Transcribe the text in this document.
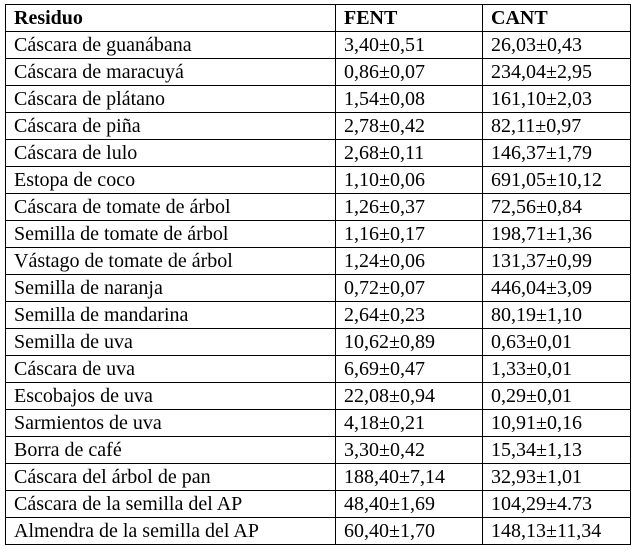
Residuo	FENT	CANT
Cáscara de guanábana	3,40±0,51	26,03±0,43
Cáscara de maracuyá	0,86±0,07	234,04±2,95
Cáscara de plátano	1,54±0,08	161,10±2,03
Cáscara de piña	2,78±0,42	82,11±0,97
Cáscara de lulo	2,68±0,11	146,37±1,79
Estopa de coco	1,10±0,06	691,05±10,12
Cáscara de tomate de árbol	1,26±0,37	72,56±0,84
Semilla de tomate de árbol	1,16±0,17	198,71±1,36
Vástago de tomate de árbol	1,24±0,06	131,37±0,99
Semilla de naranja	0,72±0,07	446,04±3,09
Semilla de mandarina	2,64±0,23	80,19±1,10
Semilla de uva	10,62±0,89	0,63±0,01
Cáscara de uva	6,69±0,47	1,33±0,01
Escobajos de uva	22,08±0,94	0,29±0,01
Sarmientos de uva	4,18±0,21	10,91±0,16
Borra de café	3,30±0,42	15,34±1,13
Cáscara del árbol de pan	188,40±7,14	32,93±1,01
Cáscara de la semilla del AP	48,40±1,69	104,29±4.73
Almendra de la semilla del AP	60,40±1,70	148,13±11,34
